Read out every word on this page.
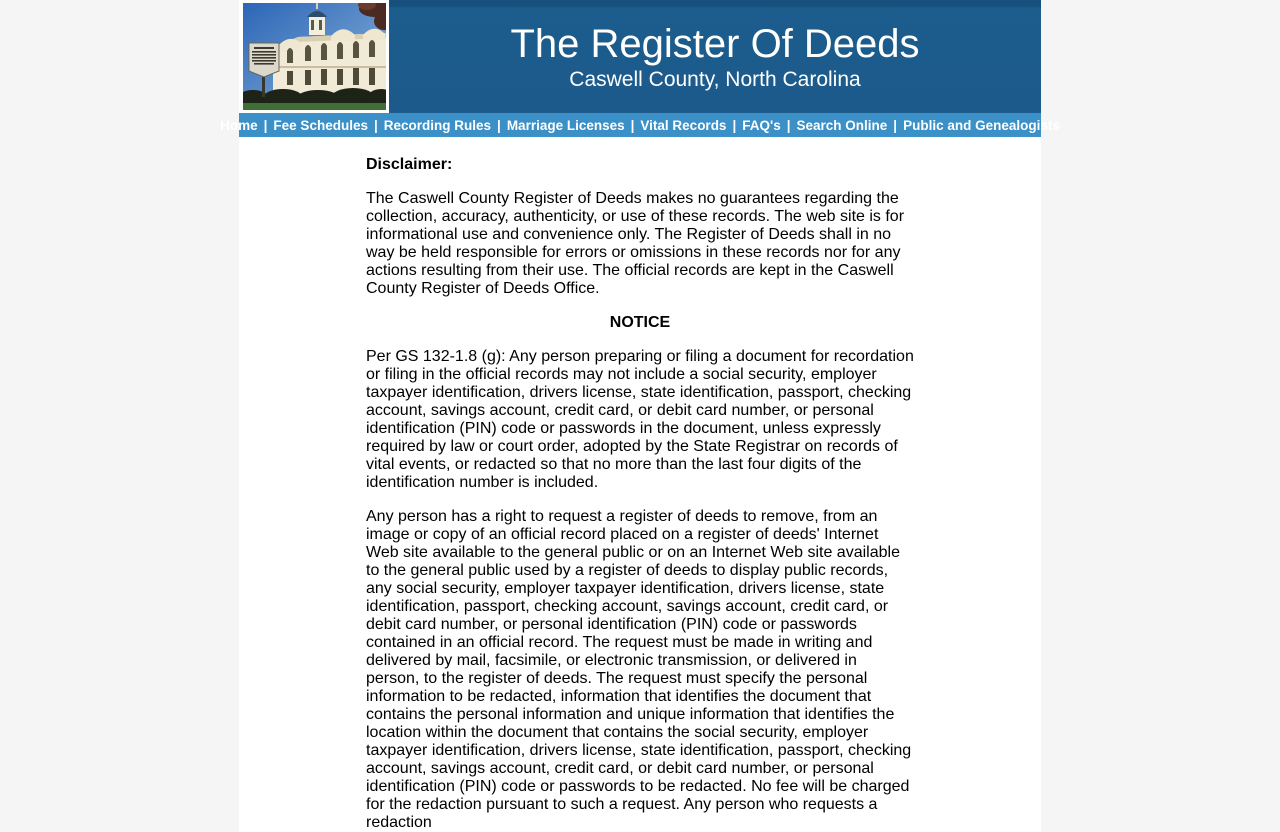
The Register Of Deeds
Caswell County, North Carolina
Home | Fee Schedules | Recording Rules | Marriage Licenses | Vital Records | FAQ's | Search Online | Public and Genealogists
Disclaimer:

The Caswell County Register of Deeds makes no guarantees regarding the collection, accuracy, authenticity, or use of these records. The web site is for informational use and convenience only. The Register of Deeds shall in no way be held responsible for errors or omissions in these records nor for any actions resulting from their use. The official records are kept in the Caswell County Register of Deeds Office.

NOTICE

Per GS 132-1.8 (g): Any person preparing or filing a document for recordation or filing in the official records may not include a social security, employer taxpayer identification, drivers license, state identification, passport, checking account, savings account, credit card, or debit card number, or personal identification (PIN) code or passwords in the document, unless expressly required by law or court order, adopted by the State Registrar on records of vital events, or redacted so that no more than the last four digits of the identification number is included.

Any person has a right to request a register of deeds to remove, from an image or copy of an official record placed on a register of deeds' Internet Web site available to the general public or on an Internet Web site available to the general public used by a register of deeds to display public records, any social security, employer taxpayer identification, drivers license, state identification, passport, checking account, savings account, credit card, or debit card number, or personal identification (PIN) code or passwords contained in an official record. The request must be made in writing and delivered by mail, facsimile, or electronic transmission, or delivered in person, to the register of deeds. The request must specify the personal information to be redacted, information that identifies the document that contains the personal information and unique information that identifies the location within the document that contains the social security, employer taxpayer identification, drivers license, state identification, passport, checking account, savings account, credit card, or debit card number, or personal identification (PIN) code or passwords to be redacted. No fee will be charged for the redaction pursuant to such a request. Any person who requests a redaction
